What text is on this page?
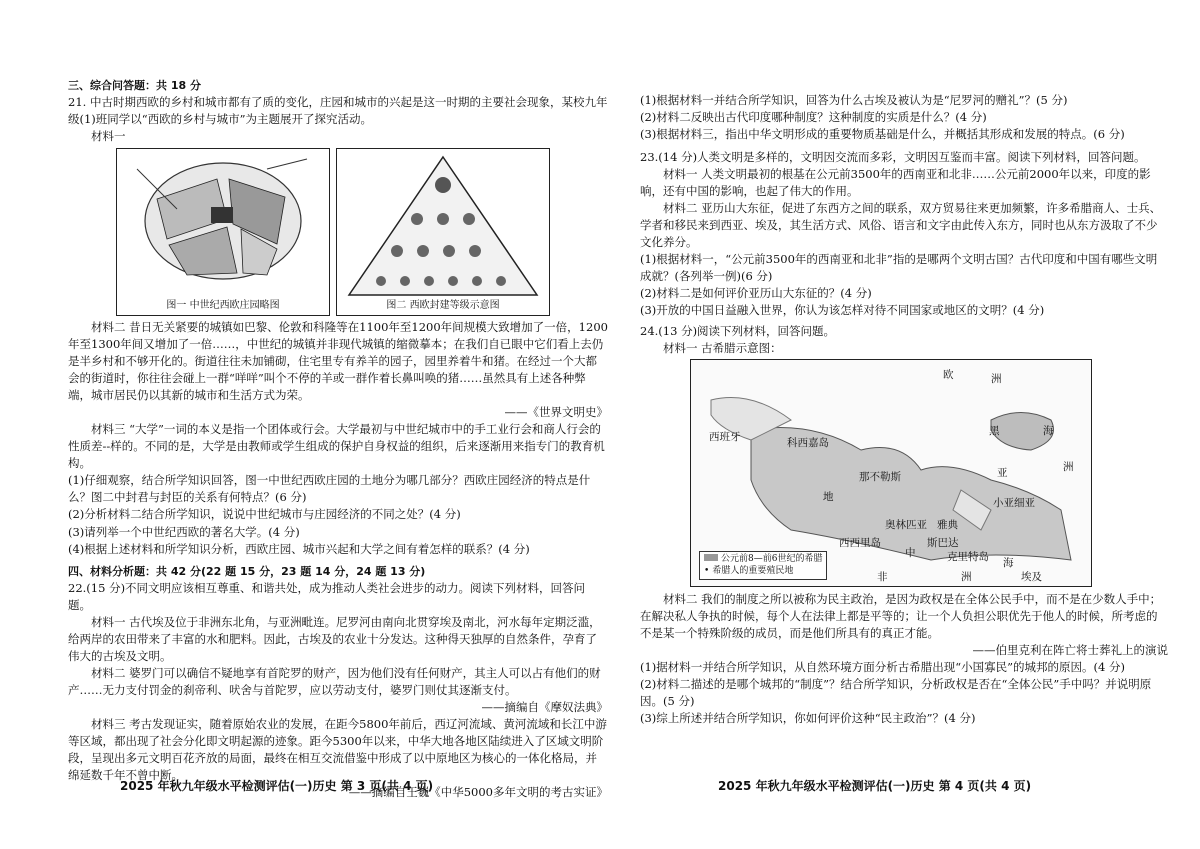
三、综合问答题：共 18 分

21. 中古时期西欧的乡村和城市都有了质的变化，庄园和城市的兴起是这一时期的主要社会现象，某校九年级(1)班同学以“西欧的乡村与城市”为主题展开了探究活动。

材料一

图一 中世纪西欧庄园略图	图二 西欧封建等级示意图

材料二 昔日无关紧要的城镇如巴黎、伦敦和科隆等在1100年至1200年间规模大致增加了一倍，1200年至1300年间又增加了一倍……，中世纪的城镇并非现代城镇的缩微摹本；在我们自已眼中它们看上去仍是半乡村和不够开化的。街道往往未加铺砌，住宅里专有养羊的园子，园里养着牛和猪。在经过一个大都会的街道时，你往往会碰上一群“咩咩”叫个不停的羊或一群作着长鼻叫唤的猪……虽然具有上述各种弊端，城市居民仍以其新的城市和生活方式为荣。

——《世界文明史》

材料三 “大学”一词的本义是指一个团体或行会。大学最初与中世纪城市中的手工业行会和商人行会的性质差--样的。不同的是，大学是由教师或学生组成的保护自身权益的组织，后来逐渐用来指专门的教育机构。

(1)仔细观察，结合所学知识回答，图一中世纪西欧庄园的土地分为哪几部分？西欧庄园经济的特点是什么？图二中封君与封臣的关系有何特点？(6 分)

(2)分析材料二结合所学知识，说说中世纪城市与庄园经济的不同之处？(4 分)

(3)请列举一个中世纪西欧的著名大学。(4 分)

(4)根据上述材料和所学知识分析，西欧庄园、城市兴起和大学之间有着怎样的联系？(4 分)

四、材料分析题：共 42 分(22 题 15 分，23 题 14 分，24 题 13 分)

22.(15 分)不同文明应该相互尊重、和谐共处，成为推动人类社会进步的动力。阅读下列材料，回答问题。

材料一 古代埃及位于非洲东北角，与亚洲毗连。尼罗河由南向北贯穿埃及南北，河水每年定期泛滥，给两岸的农田带来了丰富的水和肥料。因此，古埃及的农业十分发达。这种得天独厚的自然条件，孕育了伟大的古埃及文明。

材料二 婆罗门可以确信不疑地享有首陀罗的财产，因为他们没有任何财产，其主人可以占有他们的财产……无力支付罚金的刹帝利、吠舍与首陀罗，应以劳动支付，婆罗门则仗其逐渐支付。

——摘编自《摩奴法典》

材料三 考古发现证实，随着原始农业的发展，在距今5800年前后，西辽河流域、黄河流域和长江中游等区域，都出现了社会分化即文明起源的迹象。距今5300年以来，中华大地各地区陆续进入了区域文明阶段，呈现出多元文明百花齐放的局面，最终在相互交流借鉴中形成了以中原地区为核心的一体化格局，并绵延数千年不曾中断。

——摘编自王巍《中华5000多年文明的考古实证》

(1)根据材料一并结合所学知识，回答为什么古埃及被认为是“尼罗河的赠礼”？(5 分)

(2)材料二反映出古代印度哪种制度？这种制度的实质是什么？(4 分)

(3)根据材料三，指出中华文明形成的重要物质基础是什么，并概括其形成和发展的特点。(6 分)

23.(14 分)人类文明是多样的，文明因交流而多彩，文明因互鉴而丰富。阅读下列材料，回答问题。

材料一 人类文明最初的根基在公元前3500年的西南亚和北非……公元前2000年以来，印度的影响，还有中国的影响，也起了伟大的作用。

材料二 亚历山大东征，促进了东西方之间的联系，双方贸易往来更加频繁，许多希腊商人、士兵、学者和移民来到西亚、埃及，其生活方式、风俗、语言和文字由此传入东方，同时也从东方汲取了不少文化养分。

(1)根据材料一，“公元前3500年的西南亚和北非”指的是哪两个文明古国？古代印度和中国有哪些文明成就？(各列举一例)(6 分)

(2)材料二是如何评价亚历山大东征的？(4 分)

(3)开放的中国日益融入世界，你认为该怎样对待不同国家或地区的文明？(4 分)

24.(13 分)阅读下列材料，回答问题。

材料一 古希腊示意图：

欧	洲
西班牙	科西嘉岛
那不勒斯
黑	海
亚	洲
小亚细亚
地
西西里岛
奥林匹亚 雅典
中	克里特岛 海
斯巴达
非	洲	埃及
公元前8—前6世纪的希腊
• 希腊人的重要殖民地

材料二 我们的制度之所以被称为民主政治，是因为政权是在全体公民手中，而不是在少数人手中；在解决私人争执的时候，每个人在法律上都是平等的；让一个人负担公职优先于他人的时候，所考虑的不是某一个特殊阶级的成员，而是他们所具有的真正才能。

——伯里克利在阵亡将士葬礼上的演说

(1)据材料一并结合所学知识，从自然环境方面分析古希腊出现“小国寡民”的城邦的原因。(4 分)

(2)材料二描述的是哪个城邦的“制度”？结合所学知识，分析政权是否在“全体公民”手中吗？并说明原因。(5 分)

(3)综上所述并结合所学知识，你如何评价这种“民主政治”？(4 分)

2025 年秋九年级水平检测评估(一)历史 第 3 页(共 4 页)	2025 年秋九年级水平检测评估(一)历史 第 4 页(共 4 页)
